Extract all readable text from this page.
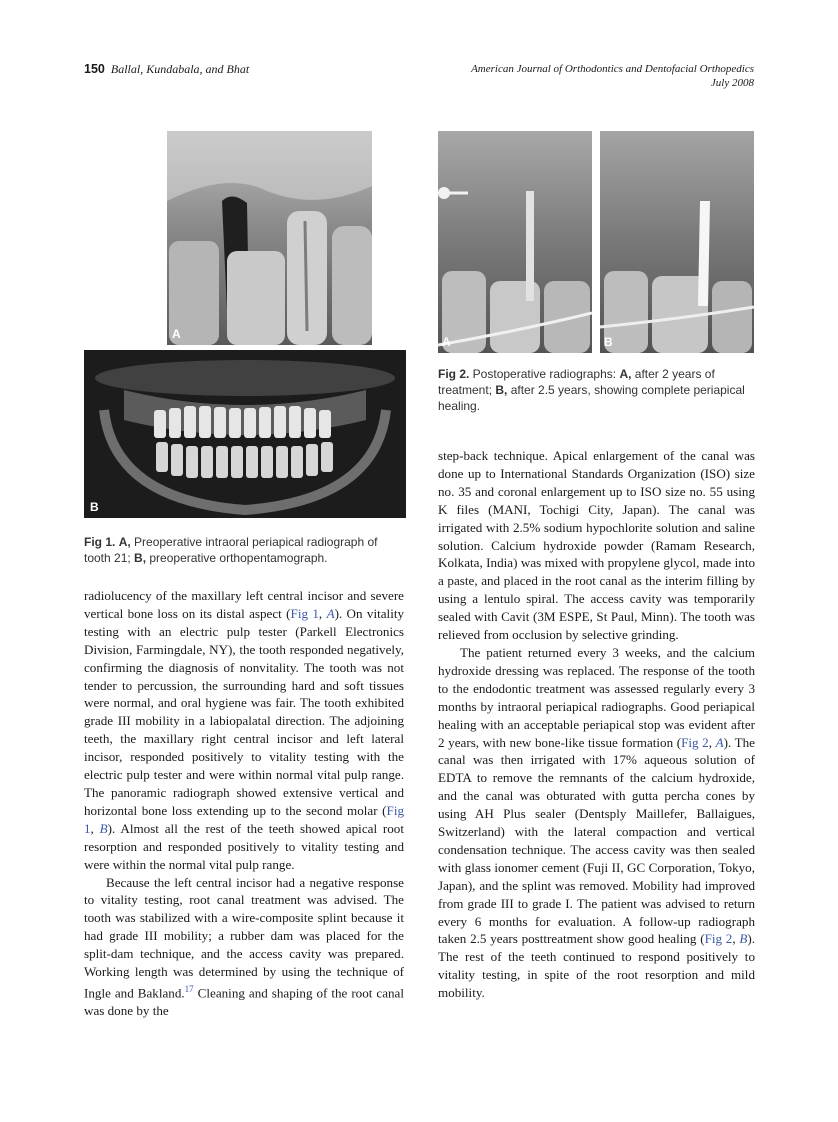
150 Ballal, Kundabala, and Bhat	American Journal of Orthodontics and Dentofacial Orthopedics
July 2008
A
B
Fig 1. A, Preoperative intraoral periapical radiograph of tooth 21; B, preoperative orthopentamograph.
A	B
Fig 2. Postoperative radiographs: A, after 2 years of treatment; B, after 2.5 years, showing complete periapical healing.

radiolucency of the maxillary left central incisor and severe vertical bone loss on its distal aspect (Fig 1, A). On vitality testing with an electric pulp tester (Parkell Electronics Division, Farmingdale, NY), the tooth responded negatively, confirming the diagnosis of nonvitality. The tooth was not tender to percussion, the surrounding hard and soft tissues were normal, and oral hygiene was fair. The tooth exhibited grade III mobility in a labiopalatal direction. The adjoining teeth, the maxillary right central incisor and left lateral incisor, responded positively to vitality testing with the electric pulp tester and were within normal vital pulp range. The panoramic radiograph showed extensive vertical and horizontal bone loss extending up to the second molar (Fig 1, B). Almost all the rest of the teeth showed apical root resorption and responded positively to vitality testing and were within the normal vital pulp range.

Because the left central incisor had a negative response to vitality testing, root canal treatment was advised. The tooth was stabilized with a wire-composite splint because it had grade III mobility; a rubber dam was placed for the split-dam technique, and the access cavity was prepared. Working length was determined by using the technique of Ingle and Bakland.$^{17}$ Cleaning and shaping of the root canal was done by the

step-back technique. Apical enlargement of the canal was done up to International Standards Organization (ISO) size no. 35 and coronal enlargement up to ISO size no. 55 using K files (MANI, Tochigi City, Japan). The canal was irrigated with 2.5% sodium hypochlorite solution and saline solution. Calcium hydroxide powder (Ramam Research, Kolkata, India) was mixed with propylene glycol, made into a paste, and placed in the root canal as the interim filling by using a lentulo spiral. The access cavity was temporarily sealed with Cavit (3M ESPE, St Paul, Minn). The tooth was relieved from occlusion by selective grinding.

The patient returned every 3 weeks, and the calcium hydroxide dressing was replaced. The response of the tooth to the endodontic treatment was assessed regularly every 3 months by intraoral periapical radiographs. Good periapical healing with an acceptable periapical stop was evident after 2 years, with new bone-like tissue formation (Fig 2, A). The canal was then irrigated with 17% aqueous solution of EDTA to remove the remnants of the calcium hydroxide, and the canal was obturated with gutta percha cones by using AH Plus sealer (Dentsply Maillefer, Ballaigues, Switzerland) with the lateral compaction and vertical condensation technique. The access cavity was then sealed with glass ionomer cement (Fuji II, GC Corporation, Tokyo, Japan), and the splint was removed. Mobility had improved from grade III to grade I. The patient was advised to return every 6 months for evaluation. A follow-up radiograph taken 2.5 years posttreatment show good healing (Fig 2, B). The rest of the teeth continued to respond positively to vitality testing, in spite of the root resorption and mild mobility.
